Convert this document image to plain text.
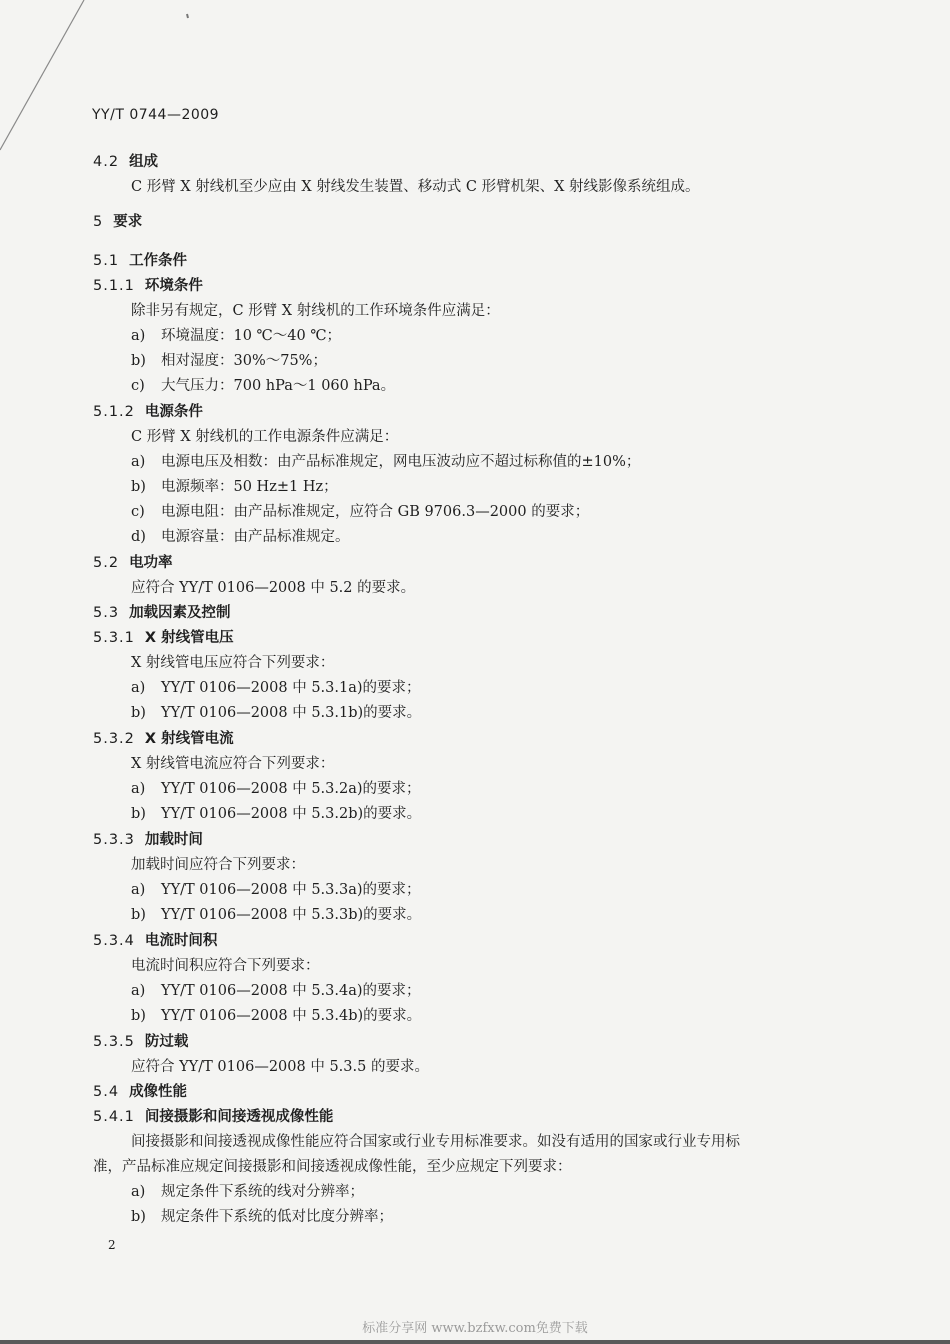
YY/T 0744—2009
4.2 组成
C 形臂 X 射线机至少应由 X 射线发生装置、移动式 C 形臂机架、X 射线影像系统组成。
5 要求
5.1 工作条件
5.1.1 环境条件
除非另有规定，C 形臂 X 射线机的工作环境条件应满足：
a) 环境温度：10 ℃～40 ℃；
b) 相对湿度：30%～75%；
c) 大气压力：700 hPa～1 060 hPa。
5.1.2 电源条件
C 形臂 X 射线机的工作电源条件应满足：
a) 电源电压及相数：由产品标准规定，网电压波动应不超过标称值的±10%；
b) 电源频率：50 Hz±1 Hz；
c) 电源电阻：由产品标准规定，应符合 GB 9706.3—2000 的要求；
d) 电源容量：由产品标准规定。
5.2 电功率
应符合 YY/T 0106—2008 中 5.2 的要求。
5.3 加载因素及控制
5.3.1 X 射线管电压
X 射线管电压应符合下列要求：
a) YY/T 0106—2008 中 5.3.1a)的要求；
b) YY/T 0106—2008 中 5.3.1b)的要求。
5.3.2 X 射线管电流
X 射线管电流应符合下列要求：
a) YY/T 0106—2008 中 5.3.2a)的要求；
b) YY/T 0106—2008 中 5.3.2b)的要求。
5.3.3 加载时间
加载时间应符合下列要求：
a) YY/T 0106—2008 中 5.3.3a)的要求；
b) YY/T 0106—2008 中 5.3.3b)的要求。
5.3.4 电流时间积
电流时间积应符合下列要求：
a) YY/T 0106—2008 中 5.3.4a)的要求；
b) YY/T 0106—2008 中 5.3.4b)的要求。
5.3.5 防过载
应符合 YY/T 0106—2008 中 5.3.5 的要求。
5.4 成像性能
5.4.1 间接摄影和间接透视成像性能
间接摄影和间接透视成像性能应符合国家或行业专用标准要求。如没有适用的国家或行业专用标
准，产品标准应规定间接摄影和间接透视成像性能，至少应规定下列要求：
a) 规定条件下系统的线对分辨率；
b) 规定条件下系统的低对比度分辨率；
2
标准分享网 www.bzfxw.com免费下载
